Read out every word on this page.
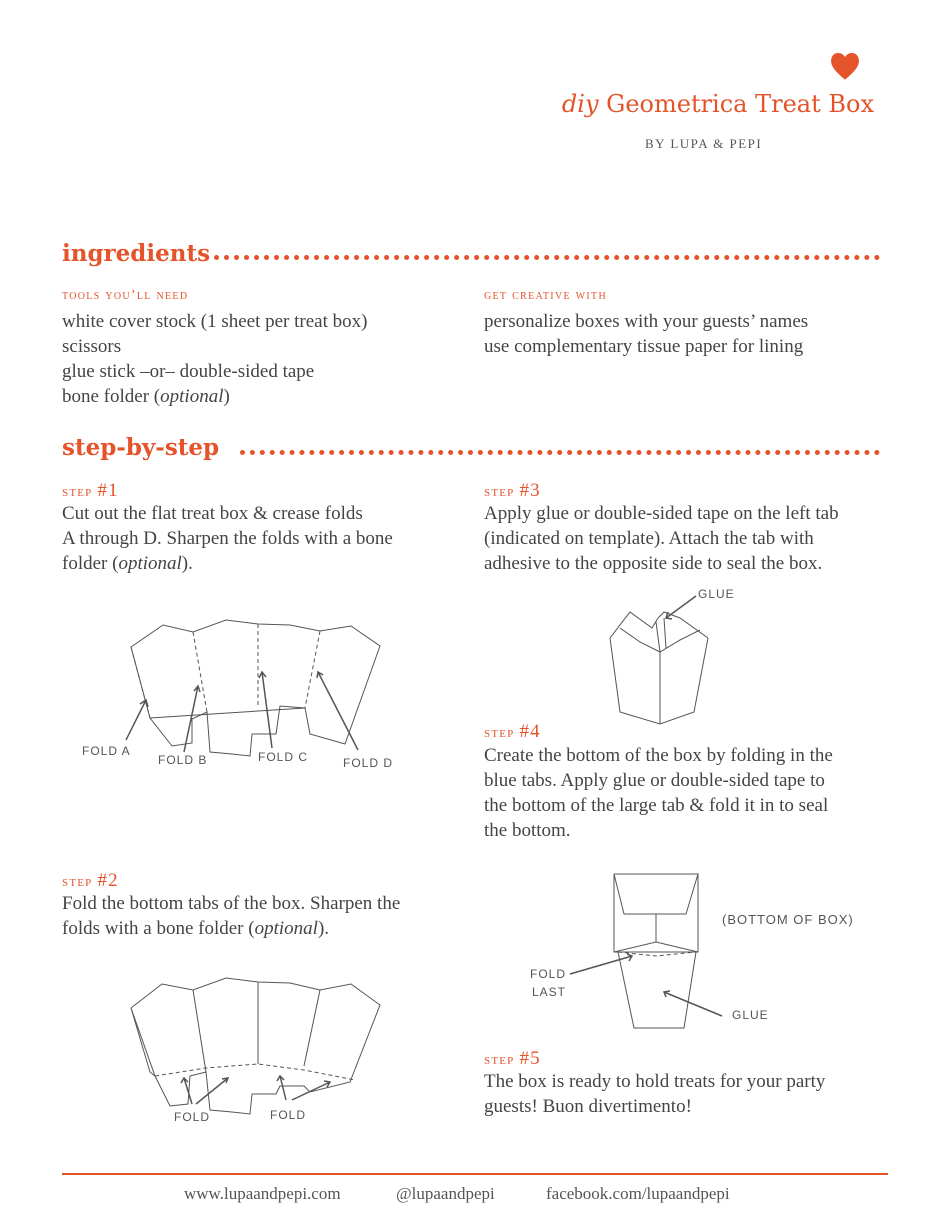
diy Geometrica Treat Box
BY LUPA & PEPI
ingredients
tools you’ll need
white cover stock (1 sheet per treat box)
scissors
glue stick –or– double-sided tape
bone folder (optional)
get creative with
personalize boxes with your guests’ names
use complementary tissue paper for lining
step-by-step
step #1
Cut out the flat treat box & crease folds
A through D. Sharpen the folds with a bone
folder (optional).
FOLD A
FOLD B	FOLD C	FOLD D
step #2
Fold the bottom tabs of the box. Sharpen the
folds with a bone folder (optional).
FOLD	FOLD
step #3
Apply glue or double-sided tape on the left tab
(indicated on template). Attach the tab with
adhesive to the opposite side to seal the box.
GLUE
step #4
Create the bottom of the box by folding in the
blue tabs. Apply glue or double-sided tape to
the bottom of the large tab & fold it in to seal
the bottom.
(BOTTOM OF BOX)
FOLD
LAST
GLUE
step #5
The box is ready to hold treats for your party
guests! Buon divertimento!
www.lupaandpepi.com	@lupaandpepi	facebook.com/lupaandpepi
